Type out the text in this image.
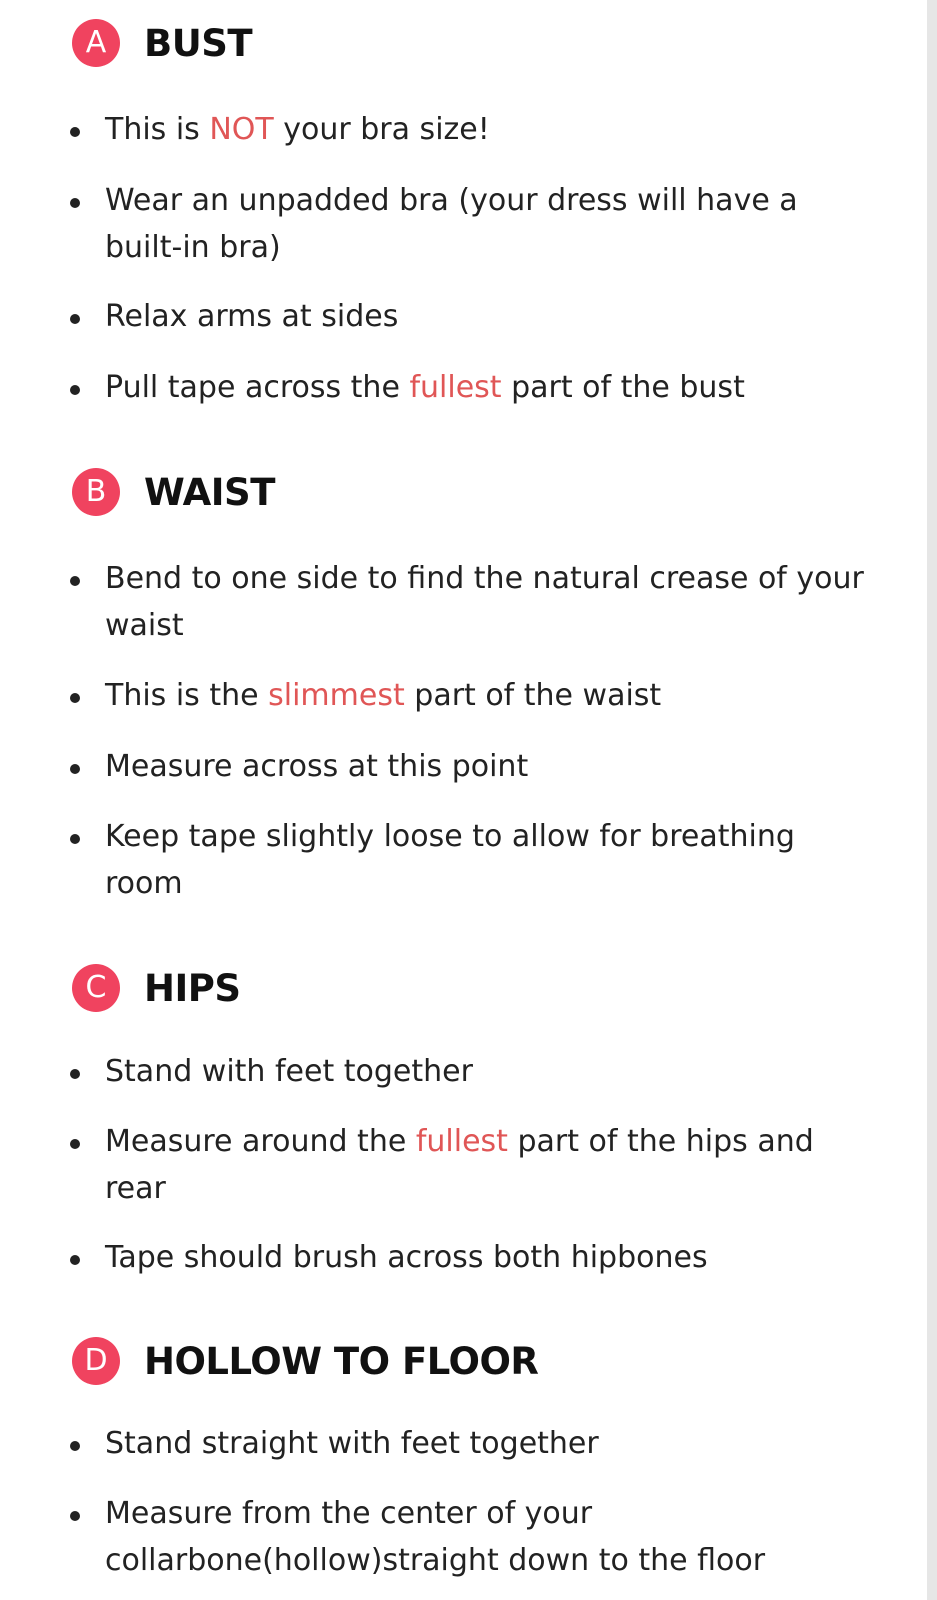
A	BUST
This is NOT your bra size!
Wear an unpadded bra (your dress will have a built-in bra)
Relax arms at sides
Pull tape across the fullest part of the bust
B	WAIST
Bend to one side to find the natural crease of your waist
This is the slimmest part of the waist
Measure across at this point
Keep tape slightly loose to allow for breathing room
C	HIPS
Stand with feet together
Measure around the fullest part of the hips and rear
Tape should brush across both hipbones
D HOLLOW TO FLOOR
Stand straight with feet together
Measure from the center of your collarbone(hollow)straight down to the floor
